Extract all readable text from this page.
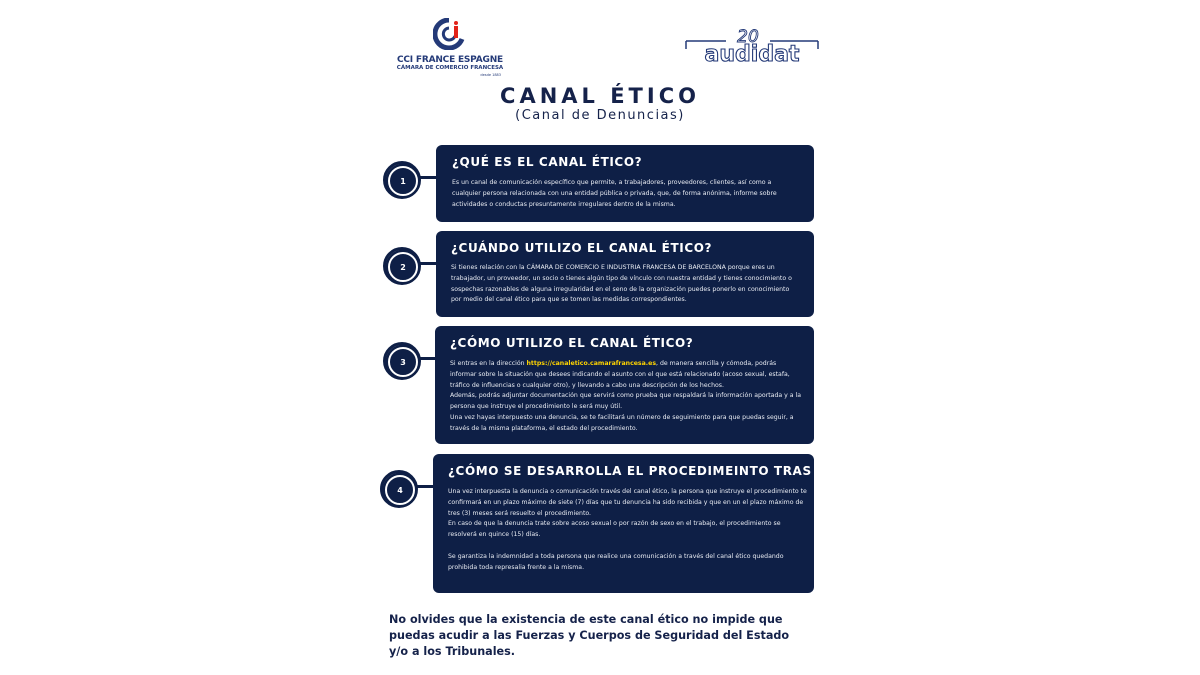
CCI FRANCE ESPAGNE
CÁMARA DE COMERCIO FRANCESA
desde 1883
20
audidat
CANAL ÉTICO
(Canal de Denuncias)
1
¿QUÉ ES EL CANAL ÉTICO?

Es un canal de comunicación específico que permite, a trabajadores, proveedores, clientes, así como a cualquier persona relacionada con una entidad pública o privada, que, de forma anónima, informe sobre actividades o conductas presuntamente irregulares dentro de la misma.

2
¿CUÁNDO UTILIZO EL CANAL ÉTICO?

Si tienes relación con la CÁMARA DE COMERCIO E INDUSTRIA FRANCESA DE BARCELONA porque eres un trabajador, un proveedor, un socio o tienes algún tipo de vínculo con nuestra entidad y tienes conocimiento o sospechas razonables de alguna irregularidad en el seno de la organización puedes ponerlo en conocimiento por medio del canal ético para que se tomen las medidas correspondientes.

3
¿CÓMO UTILIZO EL CANAL ÉTICO?

Si entras en la dirección https://canaletico.camarafrancesa.es, de manera sencilla y cómoda, podrás informar sobre la situación que desees indicando el asunto con el que está relacionado (acoso sexual, estafa, tráfico de influencias o cualquier otro), y llevando a cabo una descripción de los hechos.

Además, podrás adjuntar documentación que servirá como prueba que respaldará la información aportada y a la persona que instruye el procedimiento le será muy útil.

Una vez hayas interpuesto una denuncia, se te facilitará un número de seguimiento para que puedas seguir, a través de la misma plataforma, el estado del procedimiento.

4
¿CÓMO SE DESARROLLA EL PROCEDIMEINTO TRAS LA DENUNCIA?

Una vez interpuesta la denuncia o comunicación través del canal ético, la persona que instruye el procedimiento te confirmará en un plazo máximo de siete (7) días que tu denuncia ha sido recibida y que en un el plazo máximo de tres (3) meses será resuelto el procedimiento.

En caso de que la denuncia trate sobre acoso sexual o por razón de sexo en el trabajo, el procedimiento se resolverá en quince (15) días.

Se garantiza la indemnidad a toda persona que realice una comunicación a través del canal ético quedando prohibida toda represalia frente a la misma.

No olvides que la existencia de este canal ético no impide que puedas acudir a las Fuerzas y Cuerpos de Seguridad del Estado y/o a los Tribunales.
